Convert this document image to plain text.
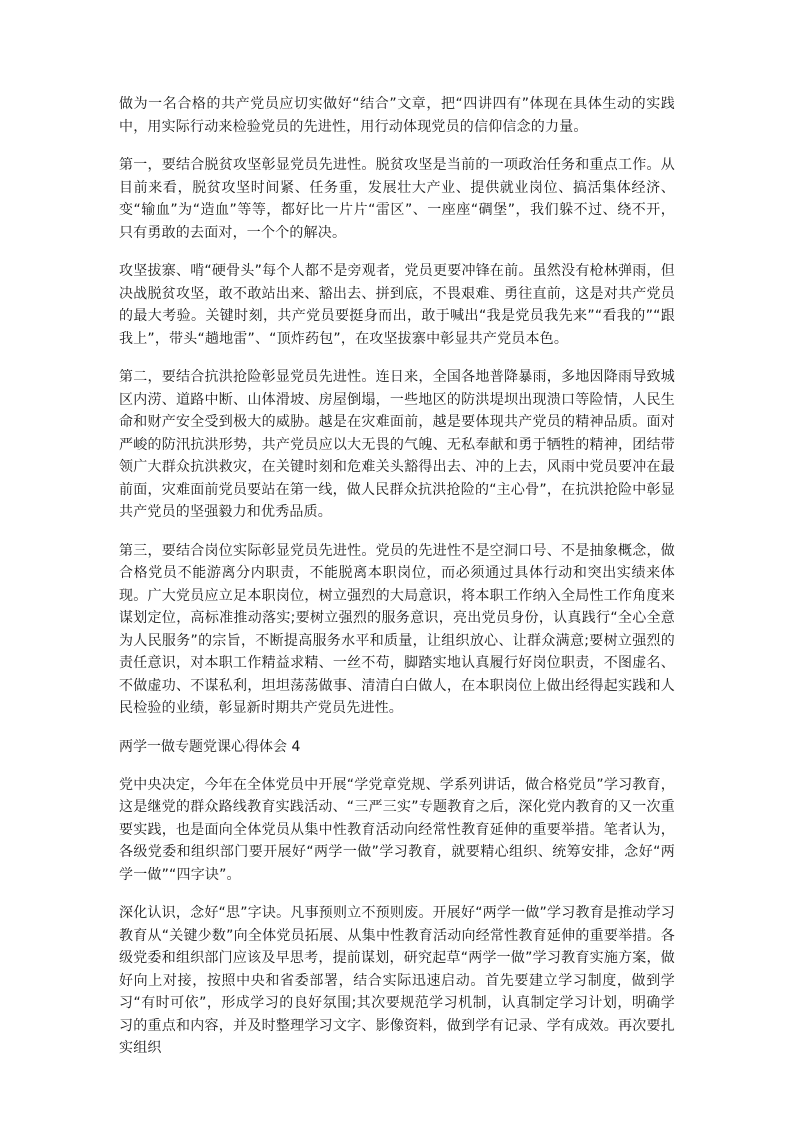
做为一名合格的共产党员应切实做好“结合”文章，把“四讲四有”体现在具体生动的实践中，用实际行动来检验党员的先进性，用行动体现党员的信仰信念的力量。

第一，要结合脱贫攻坚彰显党员先进性。脱贫攻坚是当前的一项政治任务和重点工作。从目前来看，脱贫攻坚时间紧、任务重，发展壮大产业、提供就业岗位、搞活集体经济、变“输血”为“造血”等等，都好比一片片“雷区”、一座座“碉堡”，我们躲不过、绕不开，只有勇敢的去面对，一个个的解决。

攻坚拔寨、啃“硬骨头”每个人都不是旁观者，党员更要冲锋在前。虽然没有枪林弹雨，但决战脱贫攻坚，敢不敢站出来、豁出去、拼到底，不畏艰难、勇往直前，这是对共产党员的最大考验。关键时刻，共产党员要挺身而出，敢于喊出“我是党员我先来”“看我的”“跟我上”，带头“趟地雷”、“顶炸药包”，在攻坚拔寨中彰显共产党员本色。

第二，要结合抗洪抢险彰显党员先进性。连日来，全国各地普降暴雨，多地因降雨导致城区内涝、道路中断、山体滑坡、房屋倒塌，一些地区的防洪堤坝出现溃口等险情，人民生命和财产安全受到极大的威胁。越是在灾难面前，越是要体现共产党员的精神品质。面对严峻的防汛抗洪形势，共产党员应以大无畏的气魄、无私奉献和勇于牺牲的精神，团结带领广大群众抗洪救灾，在关键时刻和危难关头豁得出去、冲的上去，风雨中党员要冲在最前面，灾难面前党员要站在第一线，做人民群众抗洪抢险的“主心骨”，在抗洪抢险中彰显共产党员的坚强毅力和优秀品质。

第三，要结合岗位实际彰显党员先进性。党员的先进性不是空洞口号、不是抽象概念，做合格党员不能游离分内职责，不能脱离本职岗位，而必须通过具体行动和突出实绩来体现。广大党员应立足本职岗位，树立强烈的大局意识，将本职工作纳入全局性工作角度来谋划定位，高标准推动落实;要树立强烈的服务意识，亮出党员身份，认真践行“全心全意为人民服务”的宗旨，不断提高服务水平和质量，让组织放心、让群众满意;要树立强烈的责任意识，对本职工作精益求精、一丝不苟，脚踏实地认真履行好岗位职责，不图虚名、不做虚功、不谋私利，坦坦荡荡做事、清清白白做人，在本职岗位上做出经得起实践和人民检验的业绩，彰显新时期共产党员先进性。

两学一做专题党课心得体会 4

党中央决定，今年在全体党员中开展“学党章党规、学系列讲话，做合格党员”学习教育，这是继党的群众路线教育实践活动、“三严三实”专题教育之后，深化党内教育的又一次重要实践，也是面向全体党员从集中性教育活动向经常性教育延伸的重要举措。笔者认为，各级党委和组织部门要开展好“两学一做”学习教育，就要精心组织、统筹安排，念好“两学一做”“四字诀”。

深化认识，念好“思”字诀。凡事预则立不预则废。开展好“两学一做”学习教育是推动学习教育从“关键少数”向全体党员拓展、从集中性教育活动向经常性教育延伸的重要举措。各级党委和组织部门应该及早思考，提前谋划，研究起草“两学一做”学习教育实施方案，做好向上对接，按照中央和省委部署，结合实际迅速启动。首先要建立学习制度，做到学习“有时可依”，形成学习的良好氛围;其次要规范学习机制，认真制定学习计划，明确学习的重点和内容，并及时整理学习文字、影像资料，做到学有记录、学有成效。再次要扎实组织
